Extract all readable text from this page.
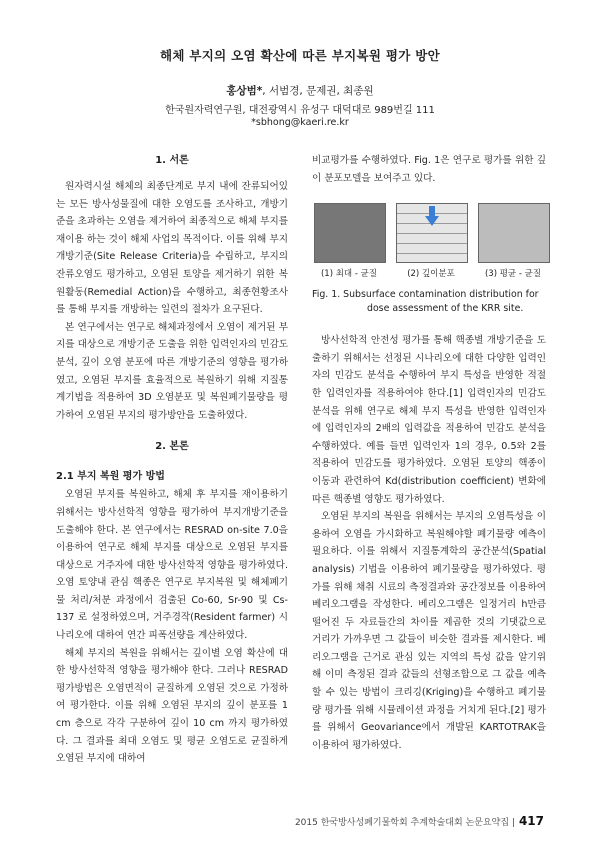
해체 부지의 오염 확산에 따른 부지복원 평가 방안
홍상범*, 서범경, 문제권, 최종원
한국원자력연구원, 대전광역시 유성구 대덕대로 989번길 111
*sbhong@kaeri.re.kr
1. 서론

원자력시설 해체의 최종단계로 부지 내에 잔류되어있는 모든 방사성물질에 대한 오염도를 조사하고, 개방기준을 초과하는 오염을 제거하여 최종적으로 해체 부지를 재이용 하는 것이 해체 사업의 목적이다. 이를 위해 부지개방기준(Site Release Criteria)을 수립하고, 부지의 잔류오염도 평가하고, 오염된 토양을 제거하기 위한 복원활동(Remedial Action)을 수행하고, 최종현황조사를 통해 부지를 개방하는 일련의 절차가 요구된다.

본 연구에서는 연구로 해체과정에서 오염이 제거된 부지를 대상으로 개방기준 도출을 위한 입력인자의 민감도 분석, 깊이 오염 분포에 따른 개방기준의 영향을 평가하였고, 오염된 부지를 효율적으로 복원하기 위해 지질통계기법을 적용하여 3D 오염분포 및 복원폐기물량을 평가하여 오염된 부지의 평가방안을 도출하였다.

2. 본론
2.1 부지 복원 평가 방법

오염된 부지를 복원하고, 해체 후 부지를 재이용하기 위해서는 방사선학적 영향을 평가하여 부지개방기준을 도출해야 한다. 본 연구에서는 RESRAD on-site 7.0을 이용하여 연구로 해체 부지를 대상으로 오염된 부지를 대상으로 거주자에 대한 방사선학적 영향을 평가하였다. 오염 토양내 관심 핵종은 연구로 부지복원 및 해체폐기물 처리/처분 과정에서 검출된 Co-60, Sr-90 및 Cs-137 로 설정하였으며, 거주경작(Resident farmer) 시나리오에 대하여 연간 피폭선량을 계산하였다.

해체 부지의 복원을 위해서는 깊이별 오염 확산에 대한 방사선학적 영향을 평가해야 한다. 그러나 RESRAD 평가방법은 오염면적이 균질하게 오염된 것으로 가정하여 평가한다. 이를 위해 오염된 부지의 깊이 분포를 1 cm 층으로 각각 구분하여 깊이 10 cm 까지 평가하였다. 그 결과를 최대 오염도 및 평균 오염도로 균질하게 오염된 부지에 대하여

비교평가를 수행하였다. Fig. 1은 연구로 평가를 위한 깊이 분포모델을 보여주고 있다.

(1) 최대 - 균질	(2) 깊이분포	(3) 평균 - 균질
Fig. 1. Subsurface contamination distribution for
dose assessment of the KRR site.

방사선학적 안전성 평가를 통해 핵종별 개방기준을 도출하기 위해서는 선정된 시나리오에 대한 다양한 입력인자의 민감도 분석을 수행하여 부지 특성을 반영한 적절한 입력인자를 적용하여야 한다.[1] 입력인자의 민감도 분석을 위해 연구로 해체 부지 특성을 반영한 입력인자에 입력인자의 2배의 입력값을 적용하여 민감도 분석을 수행하였다. 예를 들면 입력인자 1의 경우, 0.5와 2를 적용하여 민감도를 평가하였다. 오염된 토양의 핵종이 이동과 관련하여 Kd(distribution coefficient) 변화에 따른 핵종별 영향도 평가하였다.

오염된 부지의 복원을 위해서는 부지의 오염특성을 이용하여 오염을 가시화하고 복원해야할 폐기물량 예측이 필요하다. 이를 위해서 지질통계학의 공간분석(Spatial analysis) 기법을 이용하여 폐기물량을 평가하였다. 평가를 위해 채취 시료의 측정결과와 공간정보를 이용하여 베리오그램을 작성한다. 베리오그램은 일정거리 h만큼 떨어진 두 자료들간의 차이를 제곱한 것의 기댓값으로 거리가 가까우면 그 값들이 비슷한 결과를 제시한다. 베리오그램을 근거로 관심 있는 지역의 특성 값을 알기위해 이미 측정된 결과 값들의 선형조합으로 그 값을 예측할 수 있는 방법이 크리깅(Kriging)을 수행하고 폐기물량 평가를 위해 시뮬레이션 과정을 거치게 된다.[2] 평가를 위해서 Geovariance에서 개발된 KARTOTRAK을 이용하여 평가하였다.

2015 한국방사성폐기물학회 추계학술대회 논문요약집 | 417
